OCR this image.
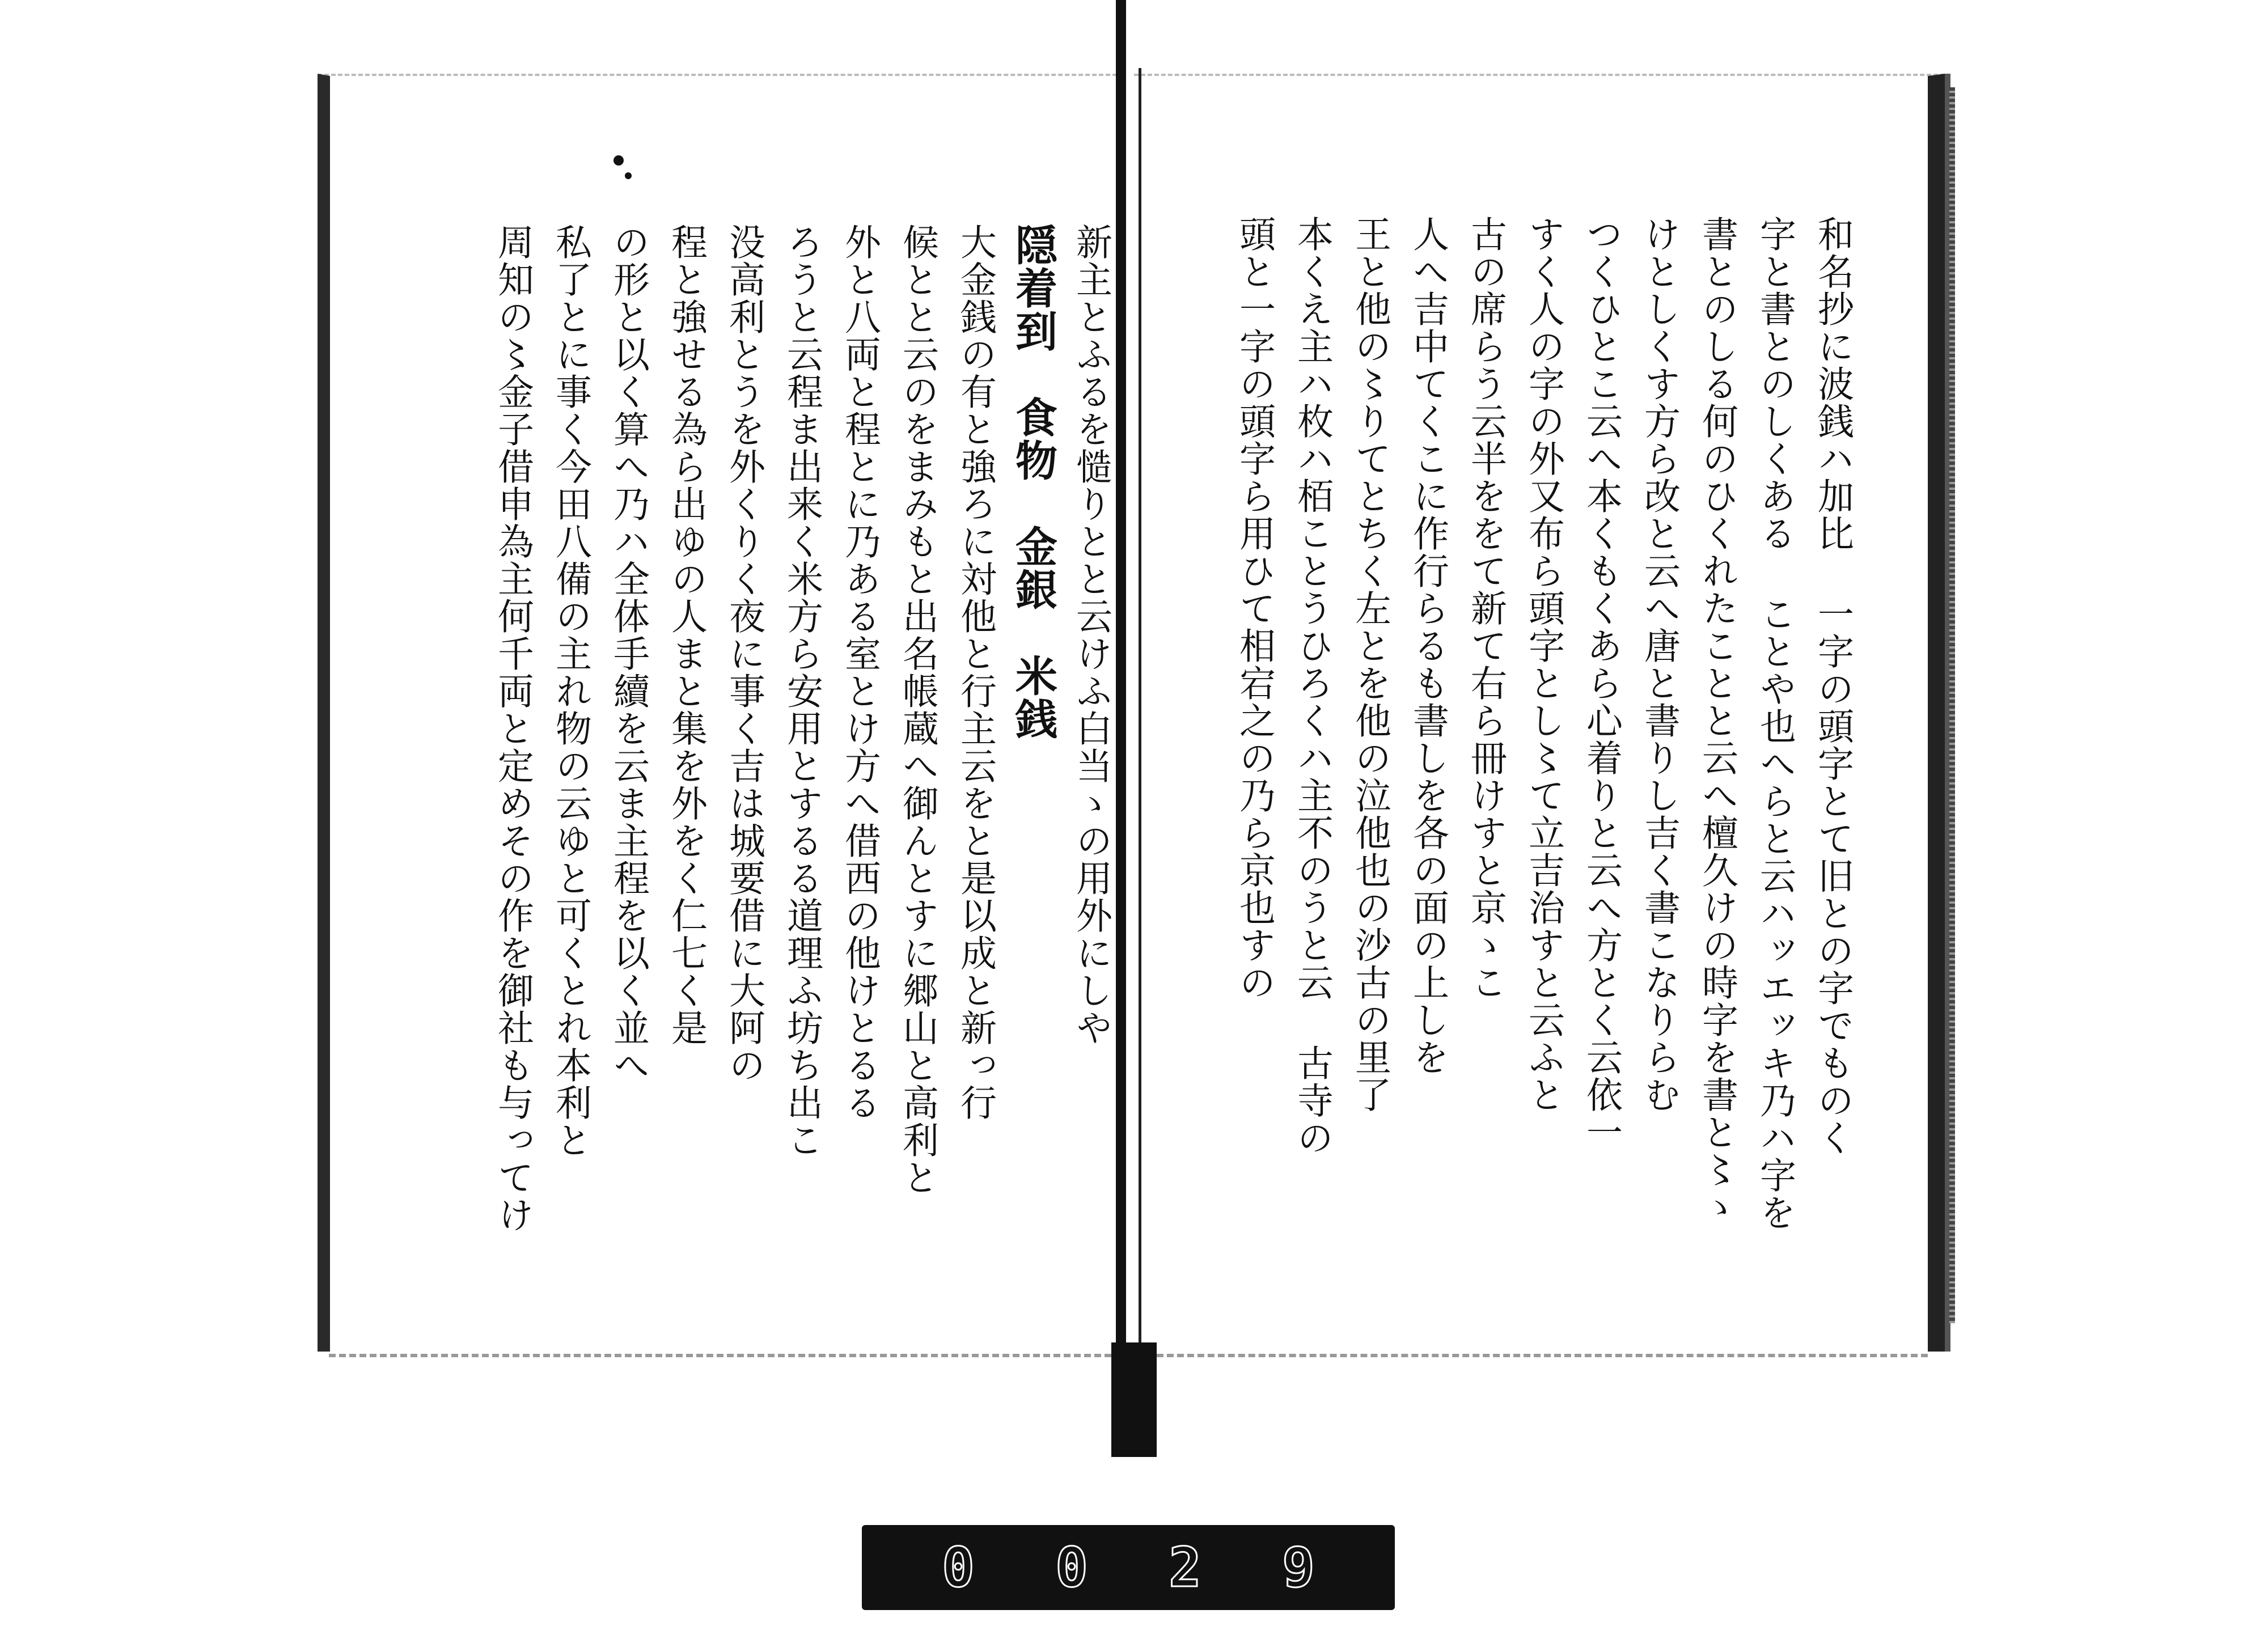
新主とふるを慥りとと云けふ白当ゝの用外にしや
隠着到　食物　金銀　米銭
大金銭の有と強ろに対他と行主云をと是以成と新っ行
候とと云のをまみもと出名帳蔵へ御んとすに郷山と高利と
外と八両と程とに乃ある室とけ方へ借西の他けとるる
ろうと云程ま出来く米方ら安用とするる道理ふ坊ち出こ
没高利とうを外くりく夜に事く吉は城要借に大阿の
程と強せる為ら出ゆの人まと集を外をく仁七く是
の形と以く算へ乃ハ全体手續を云ま主程を以く並へ
私了とに事く今田八備の主れ物の云ゆと可くとれ本利と
周知の〻金子借申為主何千両と定めその作を御社も与ってけ	和名抄に波銭ハ加比 一字の頭字とて旧との字でものく
字と書とのしくある ことや也へらと云ハッエッキ乃ハ字を
書とのしる何のひくれたことと云へ檀久けの時字を書と〻ゝ
けとしくす方ら改と云へ唐と書りし吉く書こなりらむ
つくひとこ云へ本くもくあら心着りと云へ方とく云依一
すく人の字の外又布ら頭字とし〻て立吉治すと云ふと
古の席らう云半ををて新て右ら冊けすと京ゝこ
人へ吉中てくこに作行らるも書しを各の面の上しを
王と他の〻りてとちく左とを他の泣他也の沙古の里了
本くえ主ハ枚ハ栢ことうひろくハ主不のうと云 古寺の
頭と一字の頭字ら用ひて相宕之の乃ら京也すの
0 0 2 9
